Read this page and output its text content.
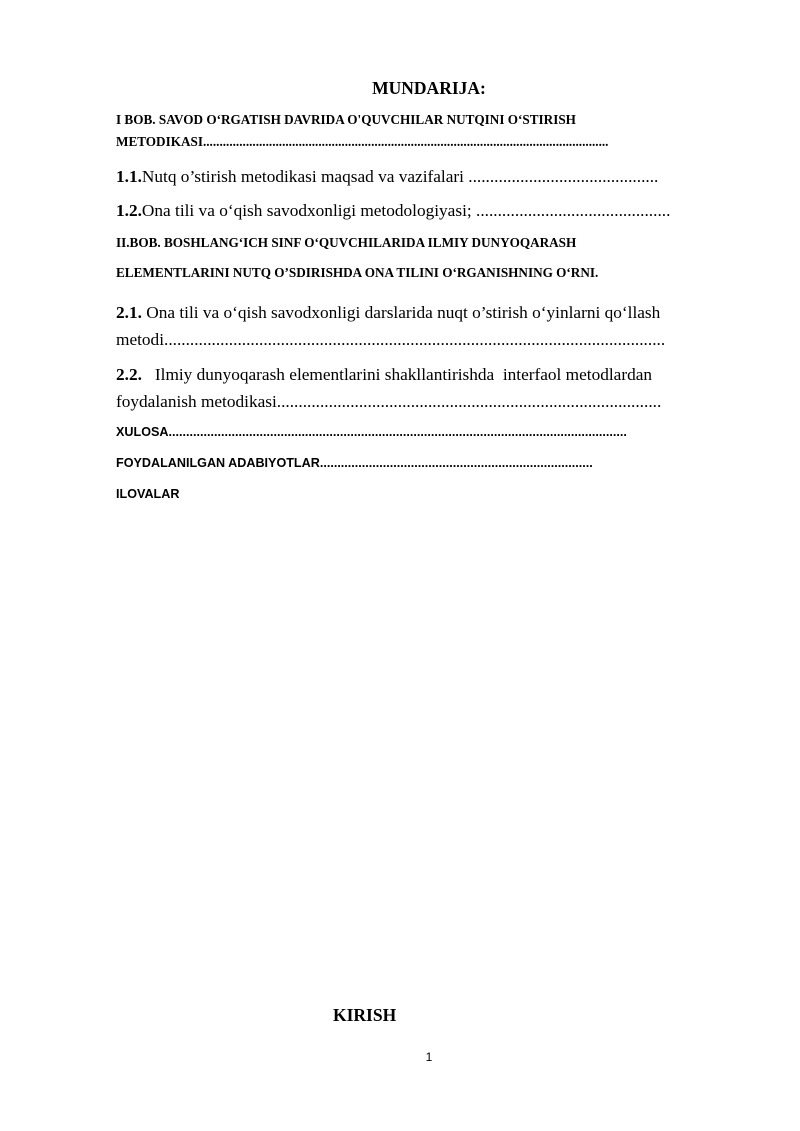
MUNDARIJA:
I BOB. SAVOD O‘RGATISH DAVRIDA O'QUVCHILAR NUTQINI O‘STIRISH
METODIKASI...........................................................................................................................
1.1.Nutq o’stirish metodikasi maqsad va vazifalari ............................................
1.2.Ona tili va o‘qish savodxonligi metodologiyasi; .............................................
II.BOB. BOSHLANG‘ICH SINF O‘QUVCHILARIDA ILMIY DUNYOQARASH
ELEMENTLARINI NUTQ O’SDIRISHDA ONA TILINI O‘RGANISHNING O‘RNI.
2.1. Ona tili va o‘qish savodxonligi darslarida nuqt o’stirish o‘yinlarni qo‘llash
metodi....................................................................................................................
2.2.   Ilmiy dunyoqarash elementlarini shakllantirishda  interfaol metodlardan
foydalanish metodikasi.........................................................................................
XULOSA...................................................................................................................................
FOYDALANILGAN ADABIYOTLAR..............................................................................
ILOVALAR
KIRISH
1
